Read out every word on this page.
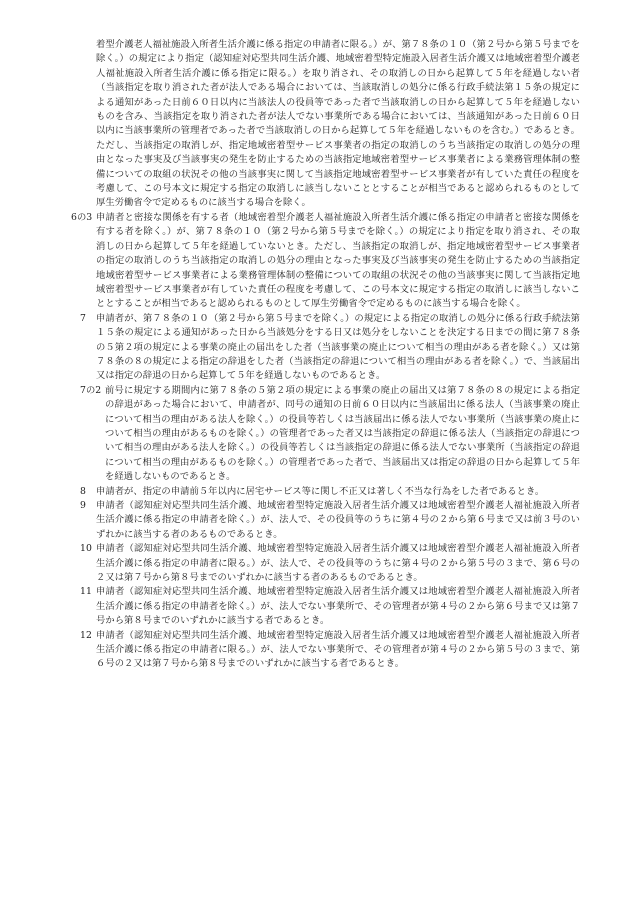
着型介護老人福祉施設入所者生活介護に係る指定の申請者に限る。）が、第７８条の１０（第２号から第５号までを除く。）の規定により指定（認知症対応型共同生活介護、地域密着型特定施設入居者生活介護又は地域密着型介護老人福祉施設入所者生活介護に係る指定に限る。）を取り消され、その取消しの日から起算して５年を経過しない者（当該指定を取り消された者が法人である場合においては、当該取消しの処分に係る行政手続法第１５条の規定による通知があった日前６０日以内に当該法人の役員等であった者で当該取消しの日から起算して５年を経過しないものを含み、当該指定を取り消された者が法人でない事業所である場合においては、当該通知があった日前６０日以内に当該事業所の管理者であった者で当該取消しの日から起算して５年を経過しないものを含む。）であるとき。ただし、当該指定の取消しが、指定地域密着型サービス事業者の指定の取消しのうち当該指定の取消しの処分の理由となった事実及び当該事実の発生を防止するための当該指定地域密着型サービス事業者による業務管理体制の整備についての取組の状況その他の当該事実に関して当該指定地域密着型サービス事業者が有していた責任の程度を考慮して、この号本文に規定する指定の取消しに該当しないこととすることが相当であると認められるものとして厚生労働省令で定めるものに該当する場合を除く。

6の3 申請者と密接な関係を有する者（地域密着型介護老人福祉施設入所者生活介護に係る指定の申請者と密接な関係を有する者を除く。）が、第７８条の１０（第２号から第５号までを除く。）の規定により指定を取り消され、その取消しの日から起算して５年を経過していないとき。ただし、当該指定の取消しが、指定地域密着型サービス事業者の指定の取消しのうち当該指定の取消しの処分の理由となった事実及び当該事実の発生を防止するための当該指定地域密着型サービス事業者による業務管理体制の整備についての取組の状況その他の当該事実に関して当該指定地域密着型サービス事業者が有していた責任の程度を考慮して、この号本文に規定する指定の取消しに該当しないこととすることが相当であると認められるものとして厚生労働省令で定めるものに該当する場合を除く。
7	申請者が、第７８条の１０（第２号から第５号までを除く。）の規定による指定の取消しの処分に係る行政手続法第１５条の規定による通知があった日から当該処分をする日又は処分をしないことを決定する日までの間に第７８条の５第２項の規定による事業の廃止の届出をした者（当該事業の廃止について相当の理由がある者を除く。）又は第７８条の８の規定による指定の辞退をした者（当該指定の辞退について相当の理由がある者を除く。）で、当該届出又は指定の辞退の日から起算して５年を経過しないものであるとき。
7の2 前号に規定する期間内に第７８条の５第２項の規定による事業の廃止の届出又は第７８条の８の規定による指定の辞退があった場合において、申請者が、同号の通知の日前６０日以内に当該届出に係る法人（当該事業の廃止について相当の理由がある法人を除く。）の役員等若しくは当該届出に係る法人でない事業所（当該事業の廃止について相当の理由があるものを除く。）の管理者であった者又は当該指定の辞退に係る法人（当該指定の辞退について相当の理由がある法人を除く。）の役員等若しくは当該指定の辞退に係る法人でない事業所（当該指定の辞退について相当の理由があるものを除く。）の管理者であった者で、当該届出又は指定の辞退の日から起算して５年を経過しないものであるとき。
8	申請者が、指定の申請前５年以内に居宅サービス等に関し不正又は著しく不当な行為をした者であるとき。
9	申請者（認知症対応型共同生活介護、地域密着型特定施設入居者生活介護又は地域密着型介護老人福祉施設入所者生活介護に係る指定の申請者を除く。）が、法人で、その役員等のうちに第４号の２から第６号まで又は前３号のいずれかに該当する者のあるものであるとき。
10 申請者（認知症対応型共同生活介護、地域密着型特定施設入居者生活介護又は地域密着型介護老人福祉施設入所者生活介護に係る指定の申請者に限る。）が、法人で、その役員等のうちに第４号の２から第５号の３まで、第６号の２又は第７号から第８号までのいずれかに該当する者のあるものであるとき。
11 申請者（認知症対応型共同生活介護、地域密着型特定施設入居者生活介護又は地域密着型介護老人福祉施設入所者生活介護に係る指定の申請者を除く。）が、法人でない事業所で、その管理者が第４号の２から第６号まで又は第７号から第８号までのいずれかに該当する者であるとき。
12 申請者（認知症対応型共同生活介護、地域密着型特定施設入居者生活介護又は地域密着型介護老人福祉施設入所者生活介護に係る指定の申請者に限る。）が、法人でない事業所で、その管理者が第４号の２から第５号の３まで、第６号の２又は第７号から第８号までのいずれかに該当する者であるとき。
